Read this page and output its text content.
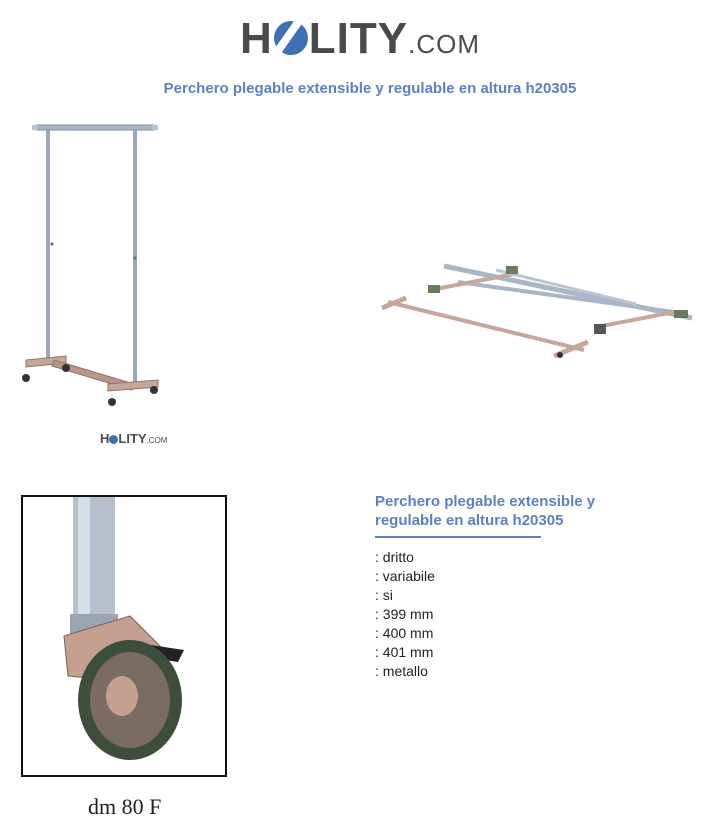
H LITY.COM
Perchero plegable extensible y regulable en altura h20305
H LITY.COM
dm 80 F
Perchero plegable extensible y regulable en altura h20305
: dritto
: variabile
: si
: 399 mm
: 400 mm
: 401 mm
: metallo
